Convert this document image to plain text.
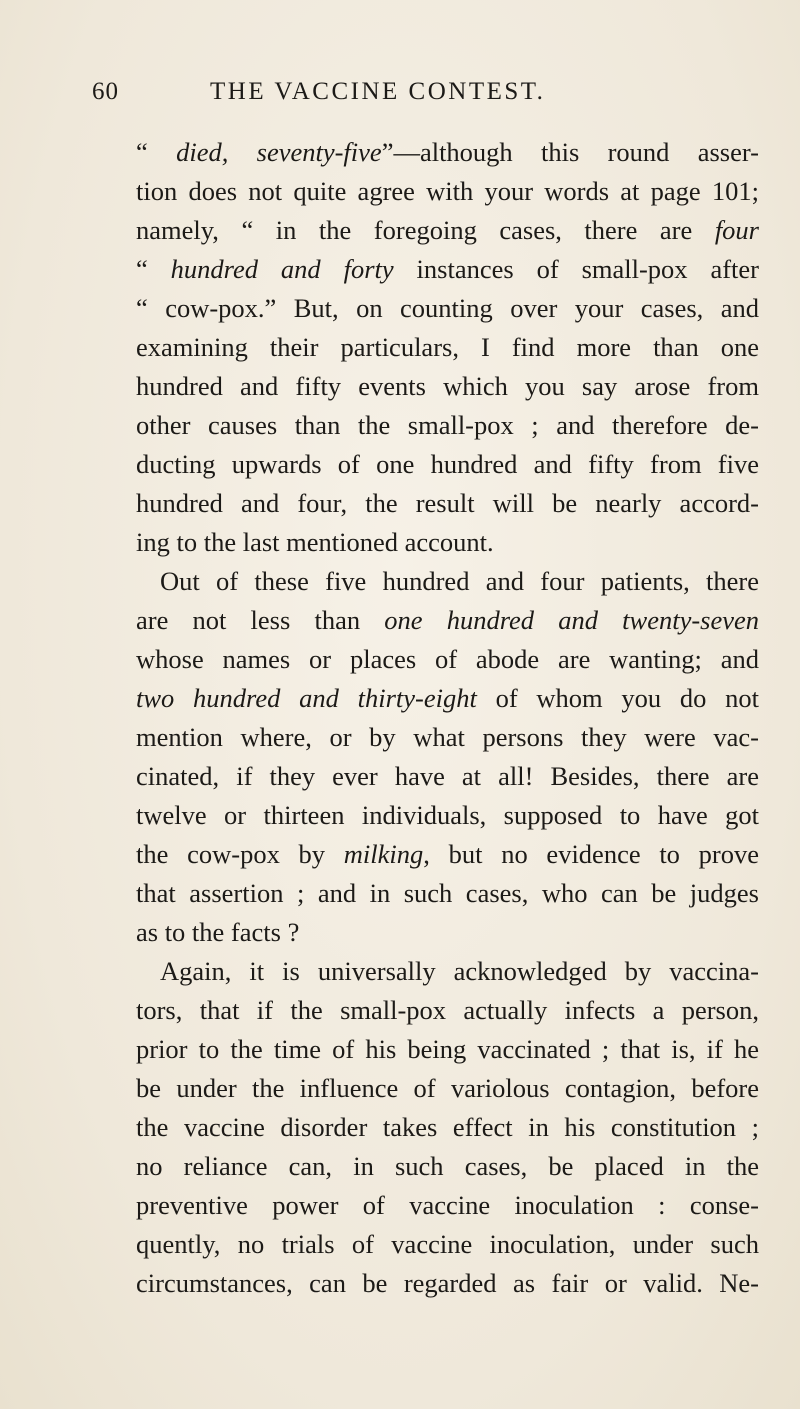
60	THE VACCINE CONTEST.
“ died, seventy-five”—although this round asser-
tion does not quite agree with your words at page 101;
namely, “ in the foregoing cases, there are four
“ hundred and forty instances of small-pox after
“ cow-pox.” But, on counting over your cases, and
examining their particulars, I find more than one
hundred and fifty events which you say arose from
other causes than the small-pox ; and therefore de-
ducting upwards of one hundred and fifty from five
hundred and four, the result will be nearly accord-
ing to the last mentioned account.
Out of these five hundred and four patients, there
are not less than one hundred and twenty-seven
whose names or places of abode are wanting; and
two hundred and thirty-eight of whom you do not
mention where, or by what persons they were vac-
cinated, if they ever have at all! Besides, there are
twelve or thirteen individuals, supposed to have got
the cow-pox by milking, but no evidence to prove
that assertion ; and in such cases, who can be judges
as to the facts ?
Again, it is universally acknowledged by vaccina-
tors, that if the small-pox actually infects a person,
prior to the time of his being vaccinated ; that is, if he
be under the influence of variolous contagion, before
the vaccine disorder takes effect in his constitution ;
no reliance can, in such cases, be placed in the
preventive power of vaccine inoculation : conse-
quently, no trials of vaccine inoculation, under such
circumstances, can be regarded as fair or valid. Ne-
